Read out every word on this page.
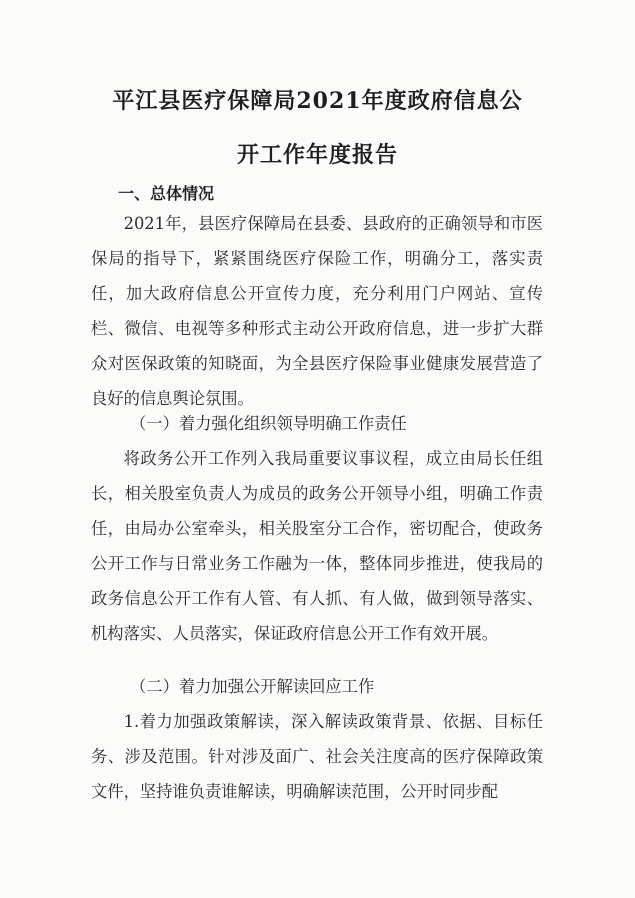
平江县医疗保障局2021年度政府信息公
开工作年度报告
一、总体情况

2021年，县医疗保障局在县委、县政府的正确领导和市医保局的指导下，紧紧围绕医疗保险工作，明确分工，落实责任，加大政府信息公开宣传力度，充分利用门户网站、宣传栏、微信、电视等多种形式主动公开政府信息，进一步扩大群众对医保政策的知晓面，为全县医疗保险事业健康发展营造了良好的信息舆论氛围。

（一）着力强化组织领导明确工作责任

将政务公开工作列入我局重要议事议程，成立由局长任组长，相关股室负责人为成员的政务公开领导小组，明确工作责任，由局办公室牵头，相关股室分工合作，密切配合，使政务公开工作与日常业务工作融为一体，整体同步推进，使我局的政务信息公开工作有人管、有人抓、有人做，做到领导落实、机构落实、人员落实，保证政府信息公开工作有效开展。

（二）着力加强公开解读回应工作

1.着力加强政策解读，深入解读政策背景、依据、目标任务、涉及范围。针对涉及面广、社会关注度高的医疗保障政策文件，坚持谁负责谁解读，明确解读范围，公开时同步配
